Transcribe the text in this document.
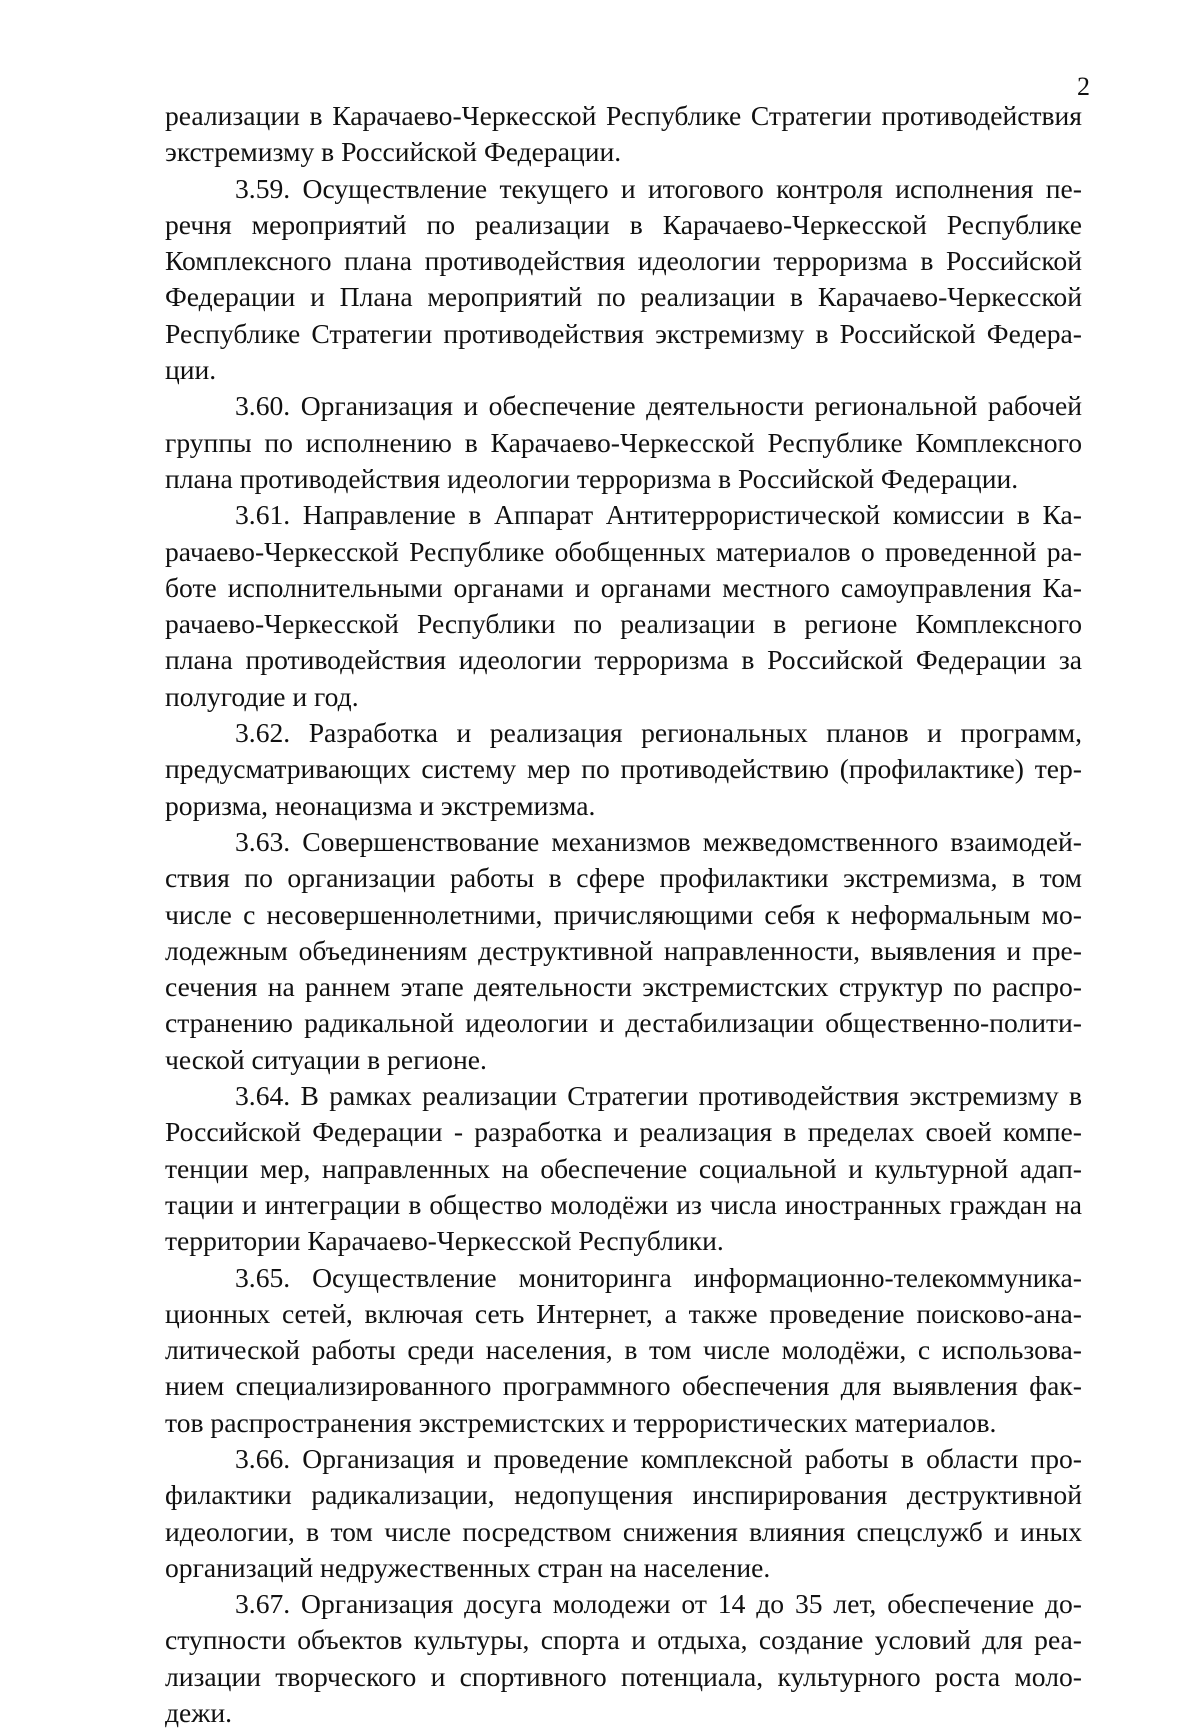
2

реализации в Карачаево-Черкесской Республике Стратегии противодействия экстремизму в Российской Федерации.

3.59. Осуществление текущего и итогового контроля исполнения перечня мероприятий по реализации в Карачаево-Черкесской Республике Комплексного плана противодействия идеологии терроризма в Российской Федерации и Плана мероприятий по реализации в Карачаево-Черкесской Республике Стратегии противодействия экстремизму в Российской Федерации.

3.60. Организация и обеспечение деятельности региональной рабочей группы по исполнению в Карачаево-Черкесской Республике Комплексного плана противодействия идеологии терроризма в Российской Федерации.

3.61. Направление в Аппарат Антитеррористической комиссии в Карачаево-Черкесской Республике обобщенных материалов о проведенной работе исполнительными органами и органами местного самоуправления Карачаево-Черкесской Республики по реализации в регионе Комплексного плана противодействия идеологии терроризма в Российской Федерации за полугодие и год.

3.62. Разработка и реализация региональных планов и программ, предусматривающих систему мер по противодействию (профилактике) терроризма, неонацизма и экстремизма.

3.63. Совершенствование механизмов межведомственного взаимодействия по организации работы в сфере профилактики экстремизма, в том числе с несовершеннолетними, причисляющими себя к неформальным молодежным объединениям деструктивной направленности, выявления и пресечения на раннем этапе деятельности экстремистских структур по распространению радикальной идеологии и дестабилизации общественно-политической ситуации в регионе.

3.64. В рамках реализации Стратегии противодействия экстремизму в Российской Федерации - разработка и реализация в пределах своей компетенции мер, направленных на обеспечение социальной и культурной адаптации и интеграции в общество молодёжи из числа иностранных граждан на территории Карачаево-Черкесской Республики.

3.65. Осуществление мониторинга информационно-телекоммуникационных сетей, включая сеть Интернет, а также проведение поисково-аналитической работы среди населения, в том числе молодёжи, с использованием специализированного программного обеспечения для выявления фактов распространения экстремистских и террористических материалов.

3.66. Организация и проведение комплексной работы в области профилактики радикализации, недопущения инспирирования деструктивной идеологии, в том числе посредством снижения влияния спецслужб и иных организаций недружественных стран на население.

3.67. Организация досуга молодежи от 14 до 35 лет, обеспечение доступности объектов культуры, спорта и отдыха, создание условий для реализации творческого и спортивного потенциала, культурного роста молодежи.
